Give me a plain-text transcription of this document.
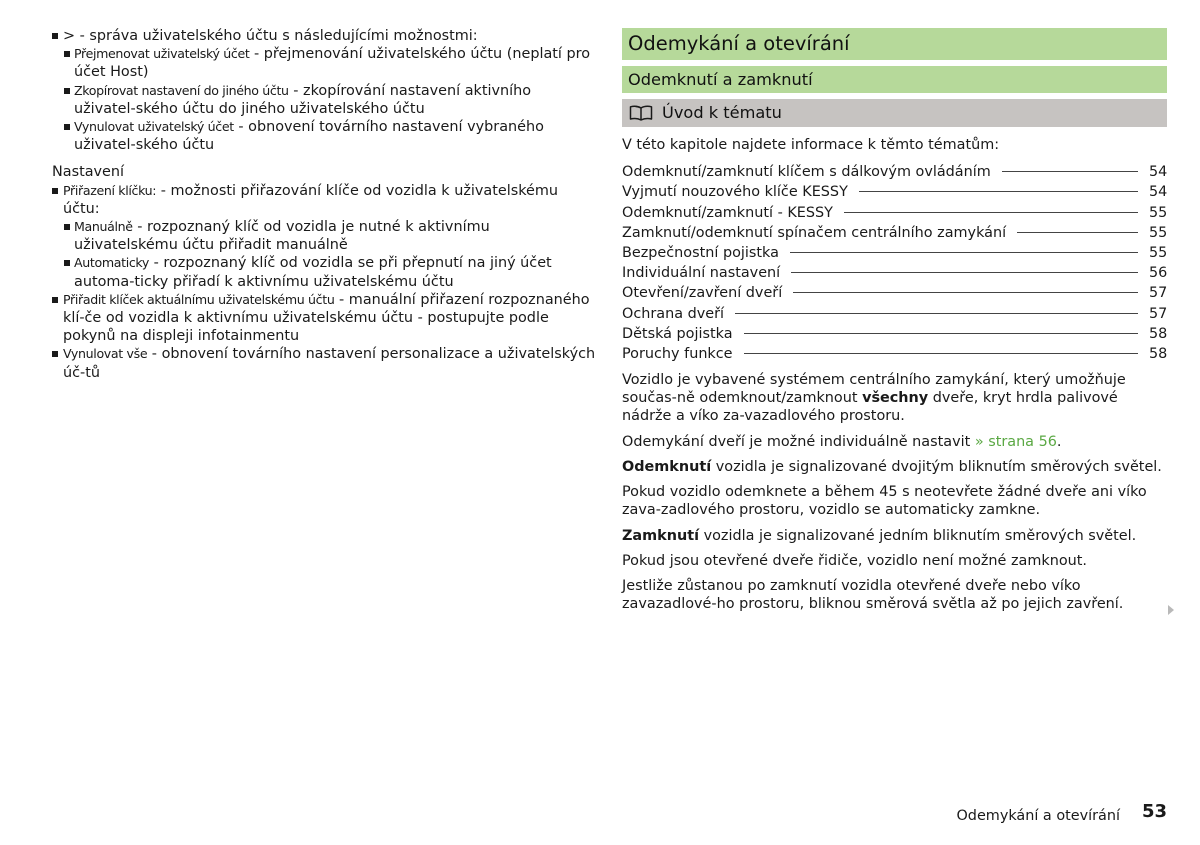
> - správa uživatelského účtu s následujícími možnostmi:
Přejmenovat uživatelský účet - přejmenování uživatelského účtu (neplatí pro účet Host)
Zkopírovat nastavení do jiného účtu - zkopírování nastavení aktivního uživatel-ského účtu do jiného uživatelského účtu
Vynulovat uživatelský účet - obnovení továrního nastavení vybraného uživatel-ského účtu
Nastavení
Přiřazení klíčku: - možnosti přiřazování klíče od vozidla k uživatelskému účtu:
Manuálně - rozpoznaný klíč od vozidla je nutné k aktivnímu uživatelskému účtu přiřadit manuálně
Automaticky - rozpoznaný klíč od vozidla se při přepnutí na jiný účet automa-ticky přiřadí k aktivnímu uživatelskému účtu
Přiřadit klíček aktuálnímu uživatelskému účtu - manuální přiřazení rozpoznaného klí-če od vozidla k aktivnímu uživatelskému účtu - postupujte podle pokynů na displeji infotainmentu
Vynulovat vše - obnovení továrního nastavení personalizace a uživatelských úč-tů
Odemykání a otevírání
Odemknutí a zamknutí
Úvod k tématu
V této kapitole najdete informace k těmto tématům:
Odemknutí/zamknutí klíčem s dálkovým ovládáním	54
Vyjmutí nouzového klíče KESSY	54
Odemknutí/zamknutí - KESSY	55
Zamknutí/odemknutí spínačem centrálního zamykání	55
Bezpečnostní pojistka	55
Individuální nastavení	56
Otevření/zavření dveří	57
Ochrana dveří	57
Dětská pojistka	58
Poruchy funkce	58
Vozidlo je vybavené systémem centrálního zamykání, který umožňuje součas-ně odemknout/zamknout všechny dveře, kryt hrdla palivové nádrže a víko za-vazadlového prostoru.
Odemykání dveří je možné individuálně nastavit » strana 56.
Odemknutí vozidla je signalizované dvojitým bliknutím směrových světel.
Pokud vozidlo odemknete a během 45 s neotevřete žádné dveře ani víko zava-zadlového prostoru, vozidlo se automaticky zamkne.
Zamknutí vozidla je signalizované jedním bliknutím směrových světel.
Pokud jsou otevřené dveře řidiče, vozidlo není možné zamknout.
Jestliže zůstanou po zamknutí vozidla otevřené dveře nebo víko zavazadlové-ho prostoru, bliknou směrová světla až po jejich zavření.
Odemykání a otevírání 53
